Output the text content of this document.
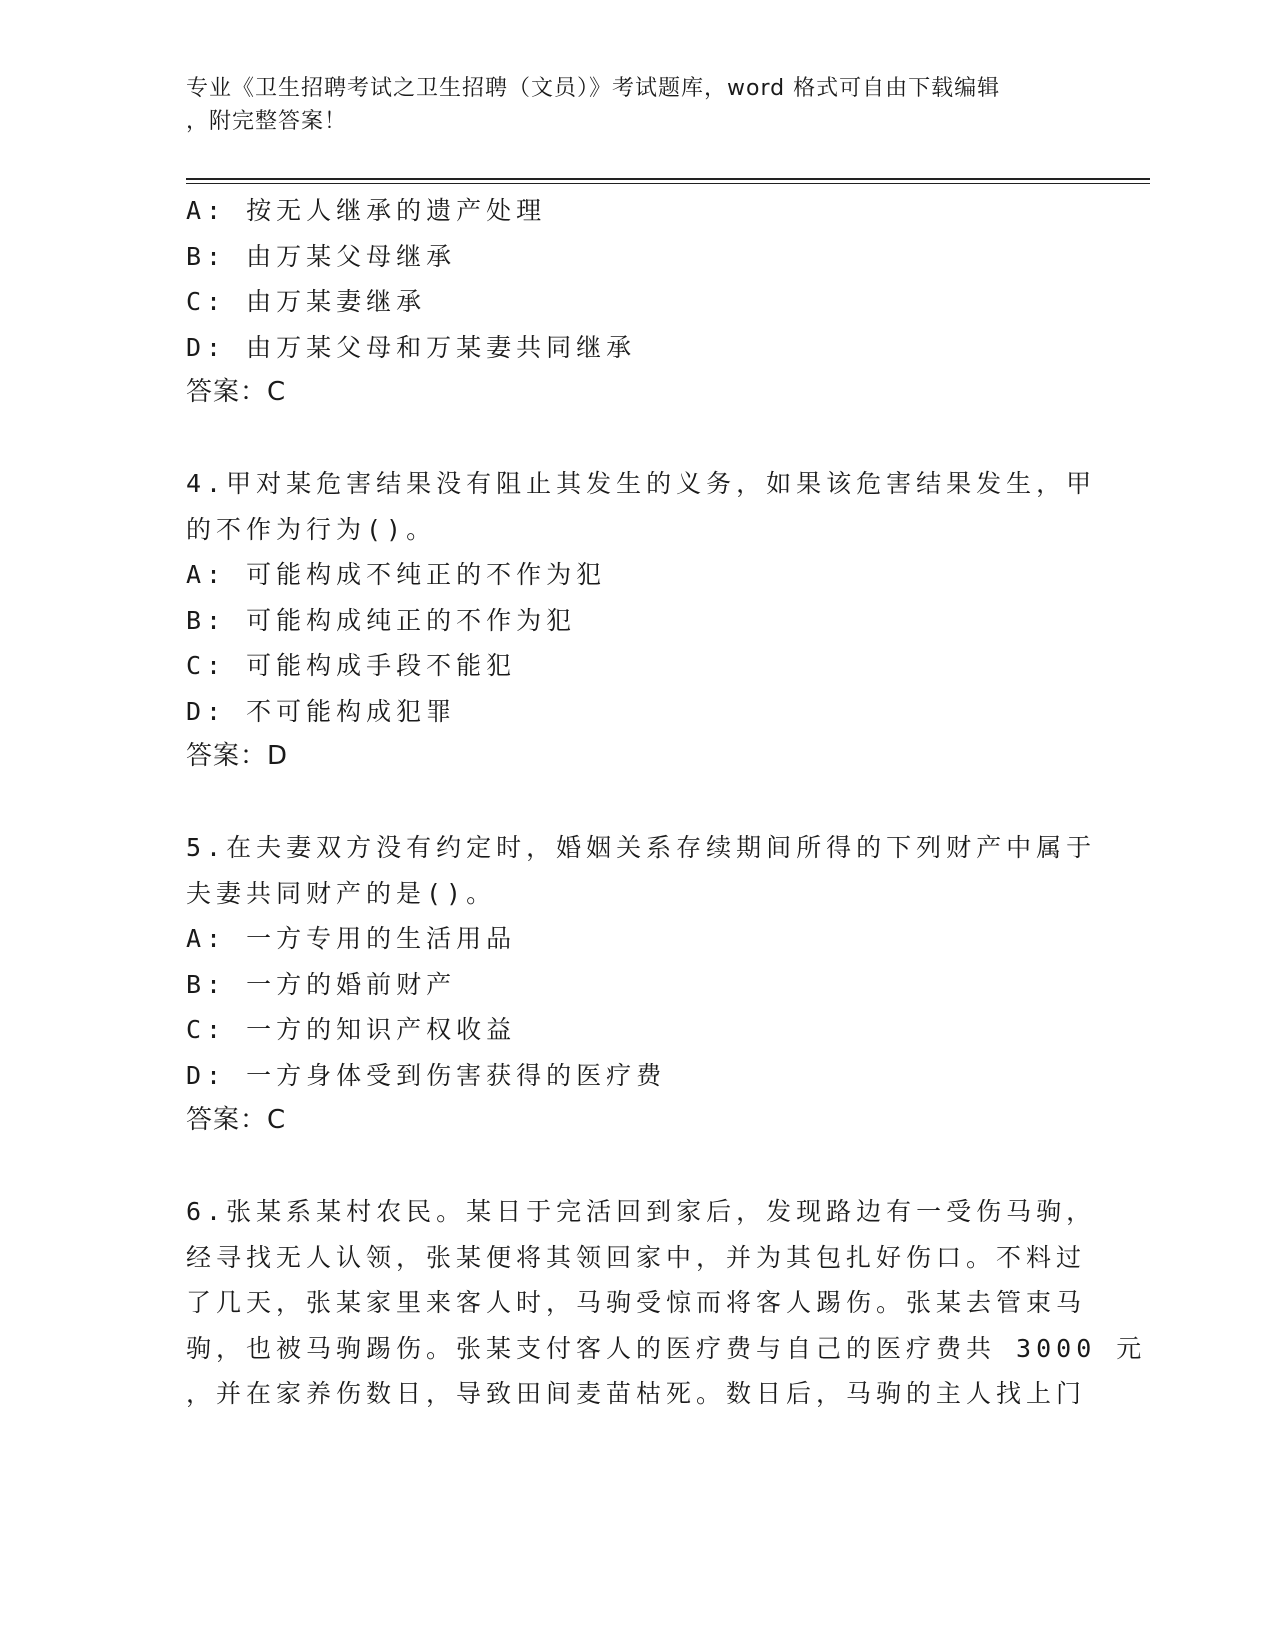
专业《卫生招聘考试之卫生招聘（文员）》考试题库，word 格式可自由下载编辑
，附完整答案！
A: 按无人继承的遗产处理
B: 由万某父母继承
C: 由万某妻继承
D: 由万某父母和万某妻共同继承
答案：C
4.甲对某危害结果没有阻止其发生的义务，如果该危害结果发生，甲
的不作为行为()。
A: 可能构成不纯正的不作为犯
B: 可能构成纯正的不作为犯
C: 可能构成手段不能犯
D: 不可能构成犯罪
答案：D
5.在夫妻双方没有约定时，婚姻关系存续期间所得的下列财产中属于
夫妻共同财产的是()。
A: 一方专用的生活用品
B: 一方的婚前财产
C: 一方的知识产权收益
D: 一方身体受到伤害获得的医疗费
答案：C
6.张某系某村农民。某日于完活回到家后，发现路边有一受伤马驹，
经寻找无人认领，张某便将其领回家中，并为其包扎好伤口。不料过
了几天，张某家里来客人时，马驹受惊而将客人踢伤。张某去管束马
驹，也被马驹踢伤。张某支付客人的医疗费与自己的医疗费共 3000 元
，并在家养伤数日，导致田间麦苗枯死。数日后，马驹的主人找上门
